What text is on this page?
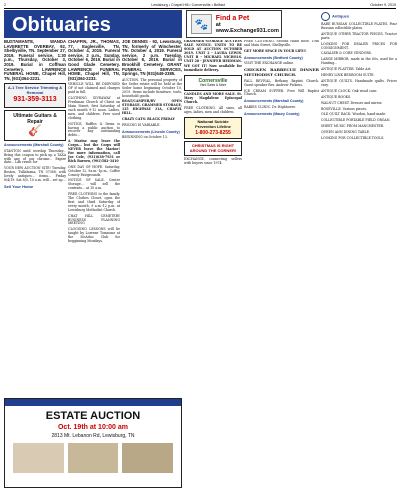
2	Lewisburg • Chapel Hill • Cornersville • Belfast	October 9, 2019
Obituaries	🐾
Find a Pet
at www.Exchange931.com

BUSTAMANTE, WANDA LAVERETTE OVERBAY, 92, Shelbyville, TN. September 27, 2019. Funeral service, 1:30 p.m., Thursday, October 3, 2019. Burial in Coffman Cemetery. LAWRENCE FUNERAL HOME, Chapel Hill, TN, (931)364-2231.

A-1 Tree Service Trimming & Removal
931-359-3113
Ultimate Guitars & Repair
🎸

Announcements (Marshall County)

STANTON until worship Thursday... Bring this coupon to pick up a TAXA with any of our chrome... Expire date... Lab result for

YOUR NEW AUCTION SITE! Tuesday, Boston, Tullahoma, TN 37388, with lovely antiques... items... Friday 8/4/19. Sat 8/5, 10 a.m. will... set up...

Sell Your Home

CHAFFIN, JR., THOMAS, 77, Eaglesville, TN. October 4, 2019. Funeral service, 2 p.m., Sunday, October 6, 2019. Burial in Good Glade Cemetery. LAWRENCE FUNERAL HOME, Chapel Hill, TN, (931)364-2233.

VEHICLE WILL BE DISPOSED OF if not claimed and charges paid in full.

CLOTHING GIVEAWAY at Freshman Church of Christ on Main Street, first Saturday of each month 9-12 noon. Ladies, men, and children. Free used clothing.

NOTICE, Raffles & Items is having a public auction to recover any outstanding debts...

A Marine may leave the Corps... but the Corps will NEVER leave the Marine! For more information, call Joe Cole, (931)638-7931 or Rick Barrow, (901)582-3410

ONE DAY OF HOPE. Saturday, October 12, 9a.m.-1p.m., Coffee County Fairgrounds.

NOTICE OF SALE. Center Storage... will sell the contents... at 10 a.m.

FREE CLOTHING to the family. The Clothes Closet, open the first and third Saturday of every month, 9 a.m.-12 p.m. at Lewisburg Methodist Church.

CHAT HILL CEMETERY BUSINESS PLANNING MEETING

CLOGGING LESSONS will be taught by Lorrene Tomsome at the McAdoo Club for begginning Mondays.

JOE DENNIS - 92, Lewisburg, TN, formerly of Winchester, TN. October 4, 2019. Funeral service, 2 p.m. Tuesday, October 8, 2019. Burial in Brookhill Cemetery. GRANT FUNERAL SERVICES, Springs, TN (931)649-2385.

AUCTION. The personal property of the Seiler estate will be held at the Seiler home beginning October 10, 2019. Items include furniture, tools, household goods.

BOAT/CAMPER/RV OPEN STORAGE. GRAMMER STORAGE, 125 HIGHWAY 31A, CHAPEL HILL.

CRAZY CATS: BLACK FRIDAY

PRICING IS VARIABLE.

Announcements (Lincoln County)

BEGINNING on October 13.

GRAMMER STORAGE AUCTION SALE NOTICE. UNITS TO BE SOLD AT AUCTION OCTOBER 2019. UNIT 2 - LAURA LEWIS. UNIT B - MICHAEL NICHOLS. UNIT 28 - JENNIFER HEIDMAN.

WE GOT IT! Now available for immediate delivery.

Cornersville
Yard Sales & More

CANDLES AND MORE SALE. St. Mary Magdalene Episcopal Church.

FREE CLOTHING. All sizes, all ages, ladies, men and children.

National Suicide Prevention Lifeline
1-800-273-8255
CHRISTMAS IS RIGHT AROUND THE CORNER!

EXCHANGE, connecting sellers with buyers since 1974.

FREE CLOTHING. Second Hand Rose, 10th and Main Street, Shelbyville.

GET MORE SPACE IN YOUR LIFE!!

Announcements (Bedford County)

VISIT THE EXCHANGE online.

CHICKEN BARBECUE DINNER METHODIST CHURCH.

FALL REVIVAL, Bethany Baptist Church. Guest speaker Rev. Andrew Pickens.

ICE CREAM SUPPER. Free Will Baptist Church.

Announcements (Marshall County)

RABIES CLINIC. Dr. Hightower.

Announcements (Maury County)

Antiques

RARE RUSSIAN COLLECTIBLE PLATES. Four Russian collectible plates.

ANTIQUE OTHER TRACTOR PIECES. Tractor parts.

LOOKING FOR DEALER PRICES FOR CONSIGNMENT.

CAVALIER & CORE VENDORS.

LARGE MIRROR, made in the 60s, used for a Hunting...

ANTIQUE PLATTER. Table Art.

HENRY LINK BEDROOM SUITE.

ANTIQUE QUILTS. Handmade quilts. Prices vary.

ANTIQUE CLOCK. Oak wood case.

ANTIQUE BOOKS.

WALNUT CHEST. Dresser and mirror.

ROSEVILLE. Various pieces.

OLD QUILT RACK. Wooden, hand-made.

COLLECTIBLE PORTABLE FIELD ORGAN.

SHEET MUSIC FROM MANCHESTER.

QUEEN ANN DINING TABLE.

LOOKING FOR COLLECTIBLE TOOLS.

ESTATE AUCTION
Oct. 19th at 10:00 am
2813 Mt. Lebanon Rd, Lewisburg, TN
